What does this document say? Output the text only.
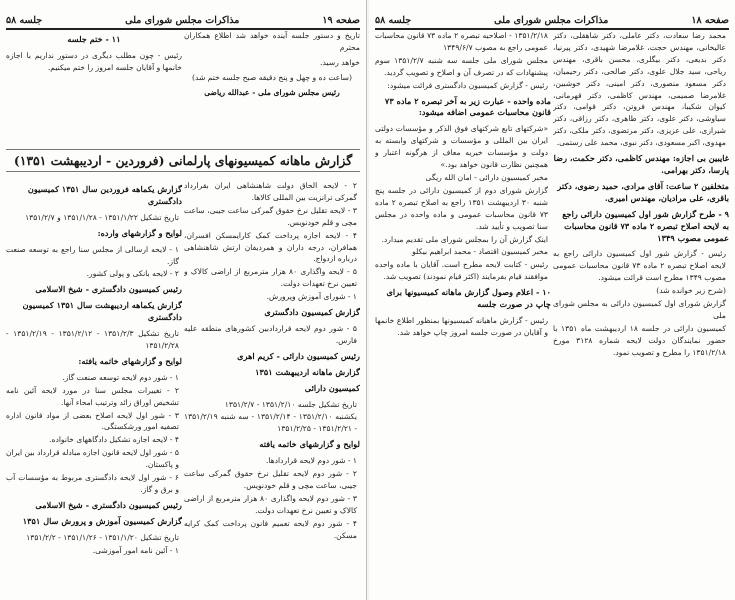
صفحه ۱۹
مذاکرات مجلس شورای ملی
جلسه ۵۸

تاریخ و دستور جلسه آینده خواهد شد اطلاع همکاران محترم

خواهد رسید.

(ساعت ده و چهل و پنج دقیقه صبح جلسه ختم شد)

رئیس مجلس شورای ملی - عبدالله ریاضی

۱۱ - ختم جلسه

رئیس - چون مطلب دیگری در دستور نداریم با اجازه خانمها و آقایان جلسه امروز را ختم میکنیم.

گزارش ماهانه کمیسیونهای پارلمانی (فروردین - اردیبهشت ۱۳۵۱)

۲ - لایحه الحاق دولت شاهنشاهی ایران بقرارداد گمرکی ترانزیت بین المللی کالاها.

۳ - لایحه تقلیل نرخ حقوق گمرکی ساعت جیبی، ساعت مچی و قلم خودنویس.

۴ - لایحه اجازه پرداخت کمک کارایمسکن افسران، همافران، درجه داران و همردیفان ارتش شاهنشاهی درباره ازدواج.

۵ - لایحه واگذاری ۸۰ هزار مترمربع از اراضی کالاک و تعیین نرخ تعهدات دولت.

۱ - شورای آموزش وپرورش.

گزارش کمیسیون دادگستری

۵ - شور دوم لایحه قراردادبین کشورهای منطقه علیه فارس.

رئیس کمیسیون دارائی - کریم اهری

گزارش ماهانه اردیبهشت ۱۳۵۱

کمیسیون دارائی

تاریخ تشکیل جلسه ۱۳۵۱/۲/۱۰ - ۱۳۵۱/۲/۷

یکشنبه ۱۳۵۱/۲/۱۰ - ۱۳۵۱/۲/۱۴ - سه شنبه ۱۳۵۱/۲/۱۹ - ۱۳۵۱/۲/۲۱ - ۱۳۵۱/۲/۲۵

لوایح و گزارشهای خاتمه یافته

۱ - شور دوم لایحه قراردادها.

۲ - شور دوم لایحه تقلیل نرخ حقوق گمرکی ساعت جیبی، ساعت مچی و قلم خودنویس.

۳ - شور دوم لایحه واگذاری ۸۰ هزار مترمربع از اراضی کالاک و تعیین نرخ تعهدات دولت.

۴ - شور دوم لایحه تعمیم قانون پرداخت کمک کرایه مسکن.

گزارش یکماهه فروردین سال ۱۳۵۱ کمیسیون دادگستری

تاریخ تشکیل ۱۳۵۱/۱/۲۲ - ۱۳۵۱/۱/۲۸ و ۱۳۵۱/۲/۷

لوایح و گزارشهای وارده:

۱ - لایحه ارسالی از مجلس سنا راجع به توسعه صنعت گاز.

۲ - لایحه بانکی و پولی کشور.

رئیس کمیسیون دادگستری - شیخ الاسلامی

گزارش یکماهه اردیبهشت سال ۱۳۵۱ کمیسیون دادگستری

تاریخ تشکیل ۱۳۵۱/۲/۳ - ۱۳۵۱/۲/۱۲ - ۱۳۵۱/۲/۱۹ - ۱۳۵۱/۲/۲۸

لوایح و گزارشهای خاتمه یافته:

۱ - شور دوم لایحه توسعه صنعت گاز.

۲ - تغییرات مجلس سنا در مورد لایحه آئین نامه تشخیص اوراق زائد وترتیب امحاء آنها.

۳ - شور اول لایحه اصلاح بعضی از مواد قانون اداره تصفیه امور ورشکستگی.

۴ - لایحه اجازه تشکیل دادگاههای خانواده.

۵ - شور اول لایحه قانون اجازه مبادله قرارداد بین ایران و پاکستان.

۶ - شور اول لایحه دادگستری مربوط به مؤسسات آب و برق و گاز.

رئیس کمیسیون دادگستری - شیخ الاسلامی

گزارش کمیسیون آموزش و پرورش سال ۱۳۵۱

تاریخ تشکیل ۱۳۵۱/۱/۲۰ - ۱۳۵۱/۱/۲۶ - ۱۳۵۱/۲/۲

۱ - آئین نامه امور آموزشی.

صفحه ۱۸
مذاکرات مجلس شورای ملی
جلسه ۵۸

محمد رضا سعادت، دکتر عاملی، دکتر شاهقلی، دکتر عالیخانی، مهندس حجت، غلامرضا شهیدی، دکتر پیرنیا، دکتر بدیعی، دکتر بیگلری، محسن باقری، مهندس ریاحی، سید جلال علوی، دکتر صالحی، دکتر رحیمیان، دکتر مسعود منصوری، دکتر امینی، دکتر خوشبین، غلامرضا صمیمی، مهندس کاظمی، دکتر قهرمانی، کیوان شکیبا، مهندس فروتن، دکتر قوامی، دکتر سیاوشی، دکتر علوی، دکتر طاهری، دکتر رزاقی، دکتر شیرازی، علی عزیزی، دکتر مرتضوی، دکتر ملکی، دکتر مهدوی، اکبر مسعودی، دکتر نبوی، محمد علی رستمی.

غایبین بی اجازه: مهندس کاظمی، دکتر حکمت، رضا پارسا، دکتر بهرامی.

متخلفین ۲ ساعت: آقای مرادی، حمید رضوی، دکتر باقری، علی مرادیان، مهندس امیری.

۹ - طرح گزارش شور اول کمیسیون دارائی راجع به لایحه اصلاح تبصره ۲ ماده ۷۳ قانون محاسبات عمومی مصوب ۱۳۴۹

رئیس - گزارش شور اول کمیسیون دارائی راجع به لایحه اصلاح تبصره ۲ ماده ۷۳ قانون محاسبات عمومی مصوب ۱۳۴۹ مطرح است قرائت میشود.

(شرح زیر خوانده شد)

گزارش شورای اول کمیسیون دارائی به مجلس شورای ملی

کمیسیون دارائی در جلسه ۱۸ اردیبهشت ماه ۱۳۵۱ با حضور نمایندگان دولت لایحه شماره ۳۱۲۸ مورخ ۱۳۵۱/۲/۱۸ را مطرح و تصویب نمود.

۱۳۵۱/۲/۱۸ - اصلاحیه تبصره ۲ ماده ۷۳ قانون محاسبات عمومی راجع به مصوب ۱۳۴۹/۶/۷

مجلس شورای ملی جلسه سه شنبه ۱۳۵۱/۲/۷ سوم پیشنهادات که در تصرف آن و اصلاح و تصویب گردید.

رئیس - گزارش کمیسیون دادگستری قرائت میشود:

ماده واحده - عبارت زیر به آخر تبصره ۲ ماده ۷۳ قانون محاسبات عمومی اضافه میشود:

«شرکتهای تابع شرکتهای فوق الذکر و مؤسسات دولتی ایران بین المللی و مؤسسات و شرکتهای وابسته به دولت و مؤسسات خیریه معاف از هرگونه اعتبار و همچنین نظارت قانون خواهد بود.»

مخبر کمیسیون دارائی - امان الله ریگی

گزارش شورای دوم از کمیسیون دارائی در جلسه پنج شنبه ۳۰ اردیبهشت ۱۳۵۱ راجع به اصلاح تبصره ۲ ماده ۷۳ قانون محاسبات عمومی و ماده واحده در مجلس سنا تصویب و تأیید شد.

اینک گزارش آن را بمجلس شورای ملی تقدیم میدارد.

مخبر کمیسیون اقتصاد - محمد ابراهیم بیکلو

رئیس - کتابت لایحه مطرح است. آقایان با ماده واحده موافقند قیام بفرمایند (اکثر قیام نمودند) تصویب شد.

۱۰ - اعلام وصول گزارش ماهانه کمیسیونها برای چاپ در صورت جلسه

رئیس - گزارش ماهیانه کمیسیونها بمنظور اطلاع خانمها و آقایان در صورت جلسه امروز چاپ خواهد شد.
